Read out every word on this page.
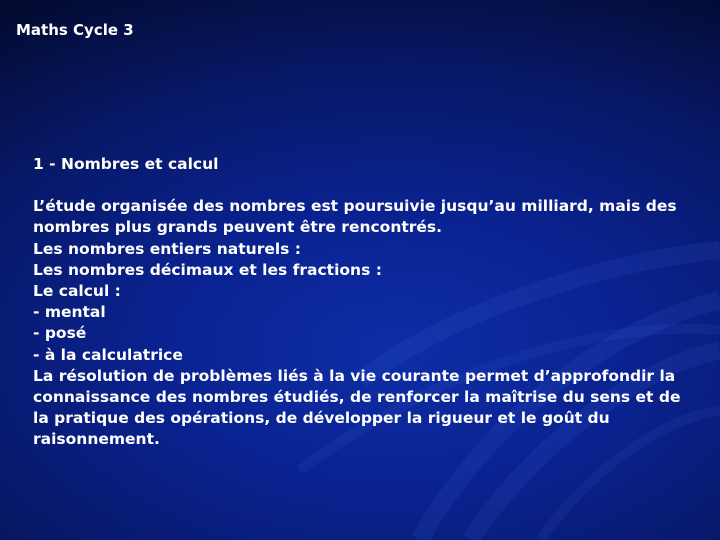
Maths Cycle 3

1 - Nombres et calcul

L’étude organisée des nombres est poursuivie jusqu’au milliard, mais des nombres plus grands peuvent être rencontrés.

Les nombres entiers naturels :

Les nombres décimaux et les fractions :

Le calcul :

- mental

- posé

- à la calculatrice

La résolution de problèmes liés à la vie courante permet d’approfondir la connaissance des nombres étudiés, de renforcer la maîtrise du sens et de la pratique des opérations, de développer la rigueur et le goût du raisonnement.
